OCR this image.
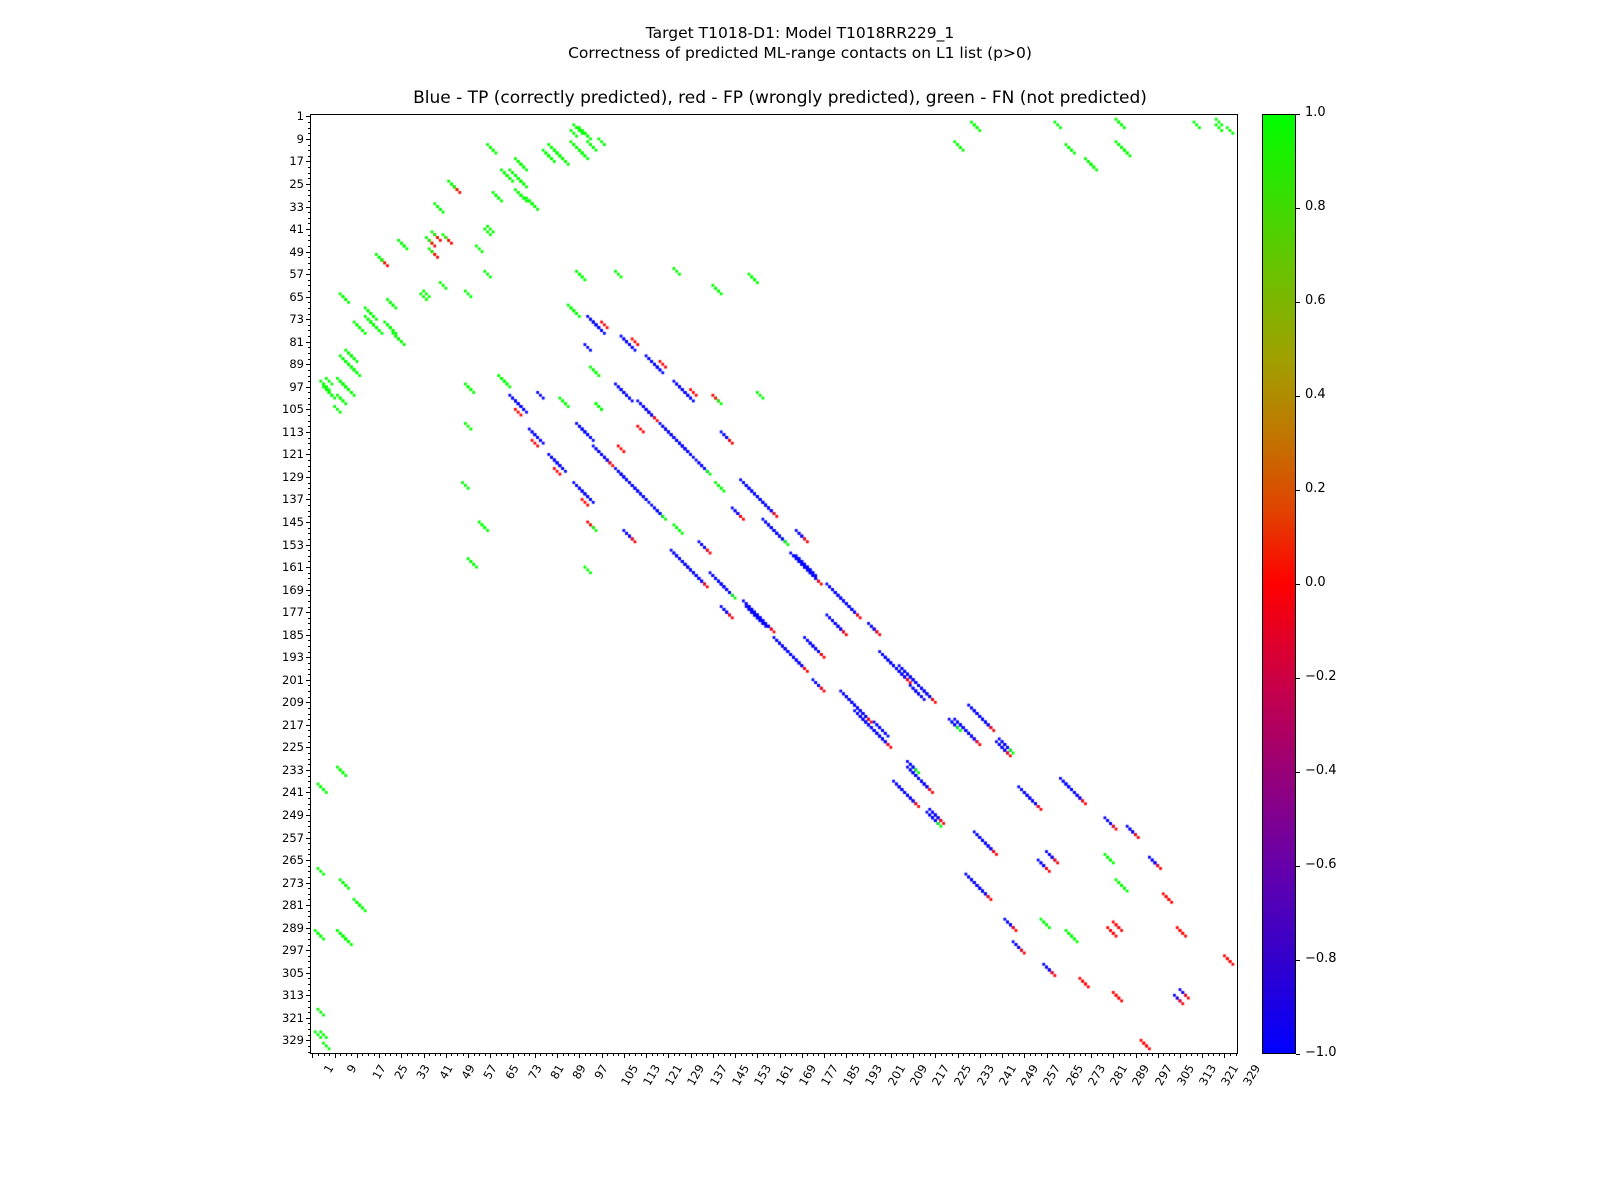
Target T1018-D1: Model T1018RR229_1
Correctness of predicted ML-range contacts on L1 list (p>0)
Blue - TP (correctly predicted), red - FP (wrongly predicted), green - FN (not predicted)
1
1
9
9
17
17
25
25
33
33
41
41
49
49
57
57
65
65
73
73
81
81
89
89
97
97
105
105
113
113
121
121
129
129
137
137
145
145
153
153
161
161
169
169
177
177
185
185
193
193
201
201
209
209
217
217
225
225
233
233
241
241
249
249
257
257
265
265
273
273
281
281
289
289
297
297
305
305
313
313
321
321
329
329
1.0
0.8
0.6
0.4
0.2
0.0
−0.2
−0.4
−0.6
−0.8
−1.0
